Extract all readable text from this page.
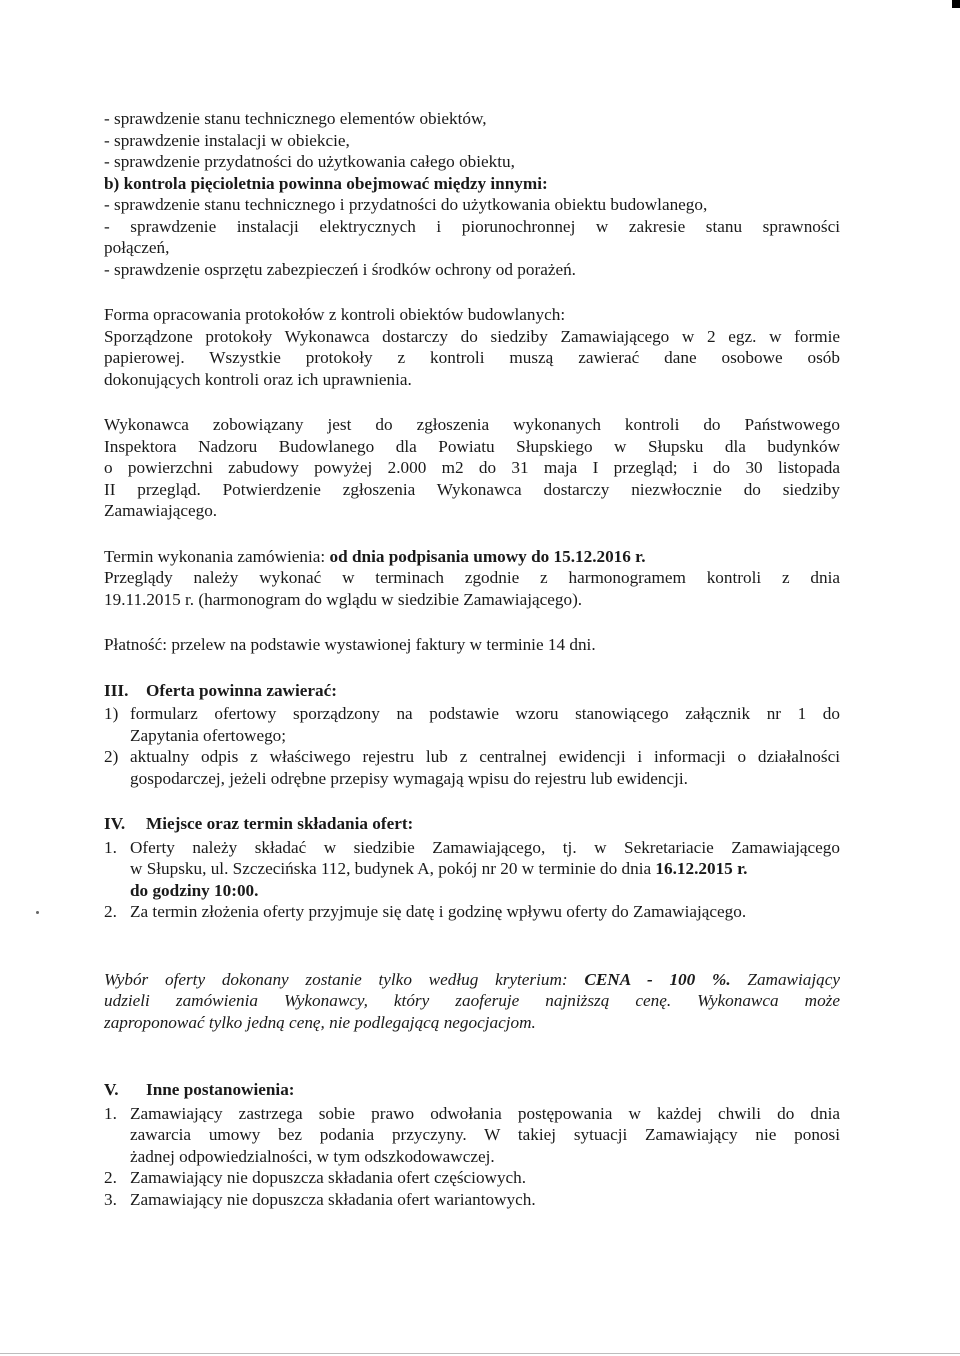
- sprawdzenie stanu technicznego elementów obiektów,
- sprawdzenie instalacji w obiekcie,
- sprawdzenie przydatności do użytkowania całego obiektu,
b) kontrola pięcioletnia powinna obejmować między innymi:
- sprawdzenie stanu technicznego i przydatności do użytkowania obiektu budowlanego,
- sprawdzenie instalacji elektrycznych i piorunochronnej w zakresie stanu sprawności
połączeń,
- sprawdzenie osprzętu zabezpieczeń i środków ochrony od porażeń.
Forma opracowania protokołów z kontroli obiektów budowlanych:
Sporządzone protokoły Wykonawca dostarczy do siedziby Zamawiającego w 2 egz. w formie
papierowej. Wszystkie protokoły z kontroli muszą zawierać dane osobowe osób
dokonujących kontroli oraz ich uprawnienia.
Wykonawca zobowiązany jest do zgłoszenia wykonanych kontroli do Państwowego
Inspektora Nadzoru Budowlanego dla Powiatu Słupskiego w Słupsku dla budynków
o powierzchni zabudowy powyżej 2.000 m2 do 31 maja I przegląd; i do 30 listopada
II przegląd. Potwierdzenie zgłoszenia Wykonawca dostarczy niezwłocznie do siedziby
Zamawiającego.
Termin wykonania zamówienia: od dnia podpisania umowy do 15.12.2016 r.
Przeglądy należy wykonać w terminach zgodnie z harmonogramem kontroli z dnia
19.11.2015 r. (harmonogram do wglądu w siedzibie Zamawiającego).
Płatność: przelew na podstawie wystawionej faktury w terminie 14 dni.
III. Oferta powinna zawierać:
1) formularz ofertowy sporządzony na podstawie wzoru stanowiącego załącznik nr 1 do
Zapytania ofertowego;
2) aktualny odpis z właściwego rejestru lub z centralnej ewidencji i informacji o działalności
gospodarczej, jeżeli odrębne przepisy wymagają wpisu do rejestru lub ewidencji.
IV. Miejsce oraz termin składania ofert:
1. Oferty należy składać w siedzibie Zamawiającego, tj. w Sekretariacie Zamawiającego
w Słupsku, ul. Szczecińska 112, budynek A, pokój nr 20 w terminie do dnia 16.12.2015 r.
do godziny 10:00.
2. Za termin złożenia oferty przyjmuje się datę i godzinę wpływu oferty do Zamawiającego.
Wybór oferty dokonany zostanie tylko według kryterium: CENA - 100 %. Zamawiający
udzieli zamówienia Wykonawcy, który zaoferuje najniższą cenę. Wykonawca może
zaproponować tylko jedną cenę, nie podlegającą negocjacjom.
V. Inne postanowienia:
1. Zamawiający zastrzega sobie prawo odwołania postępowania w każdej chwili do dnia
zawarcia umowy bez podania przyczyny. W takiej sytuacji Zamawiający nie ponosi
żadnej odpowiedzialności, w tym odszkodowawczej.
2. Zamawiający nie dopuszcza składania ofert częściowych.
3. Zamawiający nie dopuszcza składania ofert wariantowych.
